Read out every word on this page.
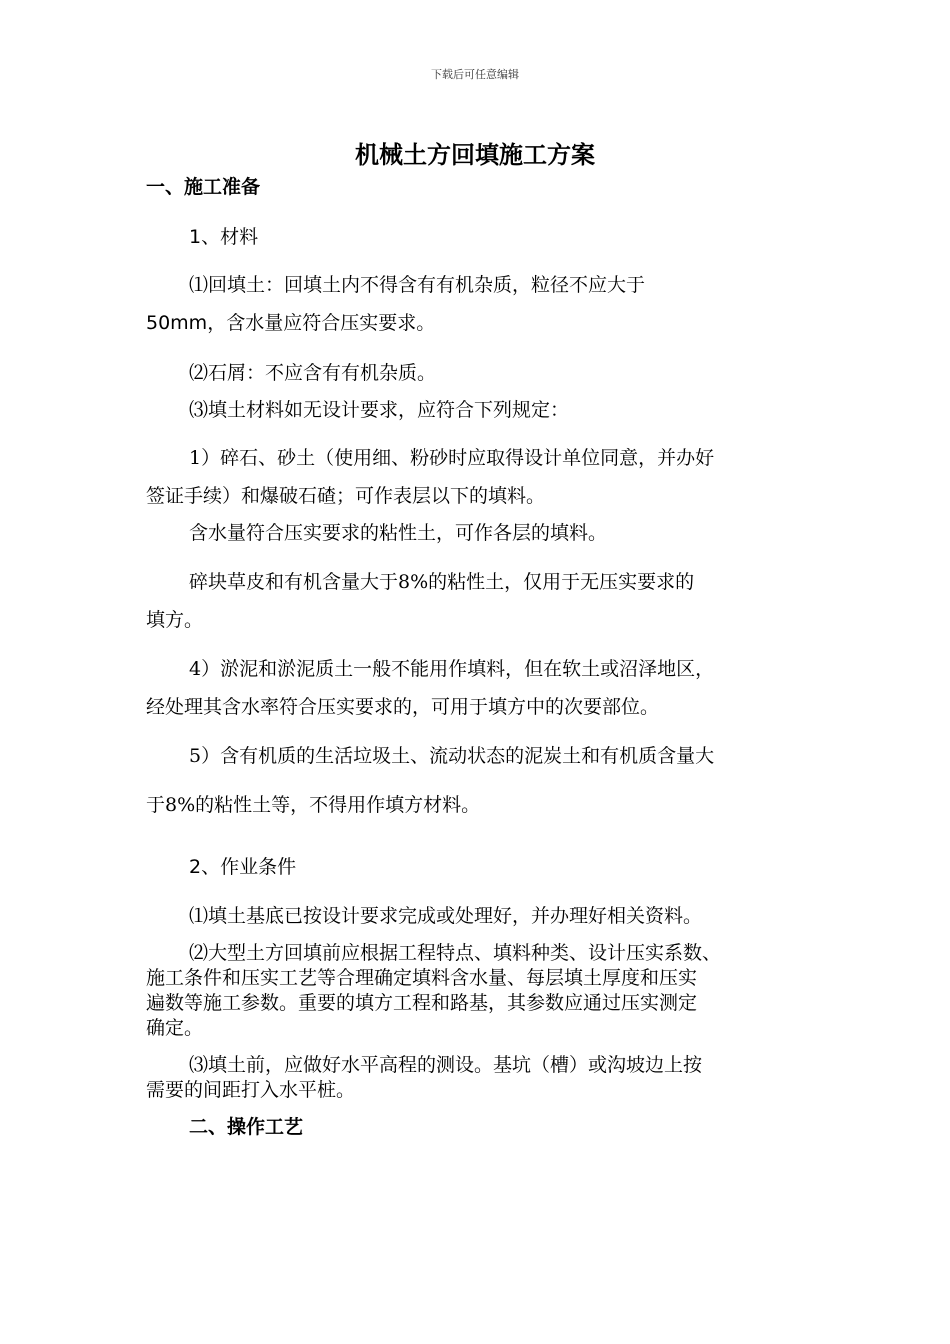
下载后可任意编辑
机械土方回填施工方案
一、施工准备
1、材料
⑴回填土：回填土内不得含有有机杂质，粒径不应大于
50mm，含水量应符合压实要求。
⑵石屑：不应含有有机杂质。
⑶填土材料如无设计要求，应符合下列规定：
1）碎石、砂土（使用细、粉砂时应取得设计单位同意，并办好
签证手续）和爆破石碴；可作表层以下的填料。
含水量符合压实要求的粘性土，可作各层的填料。
碎块草皮和有机含量大于8%的粘性土，仅用于无压实要求的
填方。
4）淤泥和淤泥质土一般不能用作填料，但在软土或沼泽地区，
经处理其含水率符合压实要求的，可用于填方中的次要部位。
5）含有机质的生活垃圾土、流动状态的泥炭土和有机质含量大
于8%的粘性土等，不得用作填方材料。
2、作业条件
⑴填土基底已按设计要求完成或处理好，并办理好相关资料。
⑵大型土方回填前应根据工程特点、填料种类、设计压实系数、
施工条件和压实工艺等合理确定填料含水量、每层填土厚度和压实
遍数等施工参数。重要的填方工程和路基，其参数应通过压实测定
确定。
⑶填土前，应做好水平高程的测设。基坑（槽）或沟坡边上按
需要的间距打入水平桩。
二、操作工艺
